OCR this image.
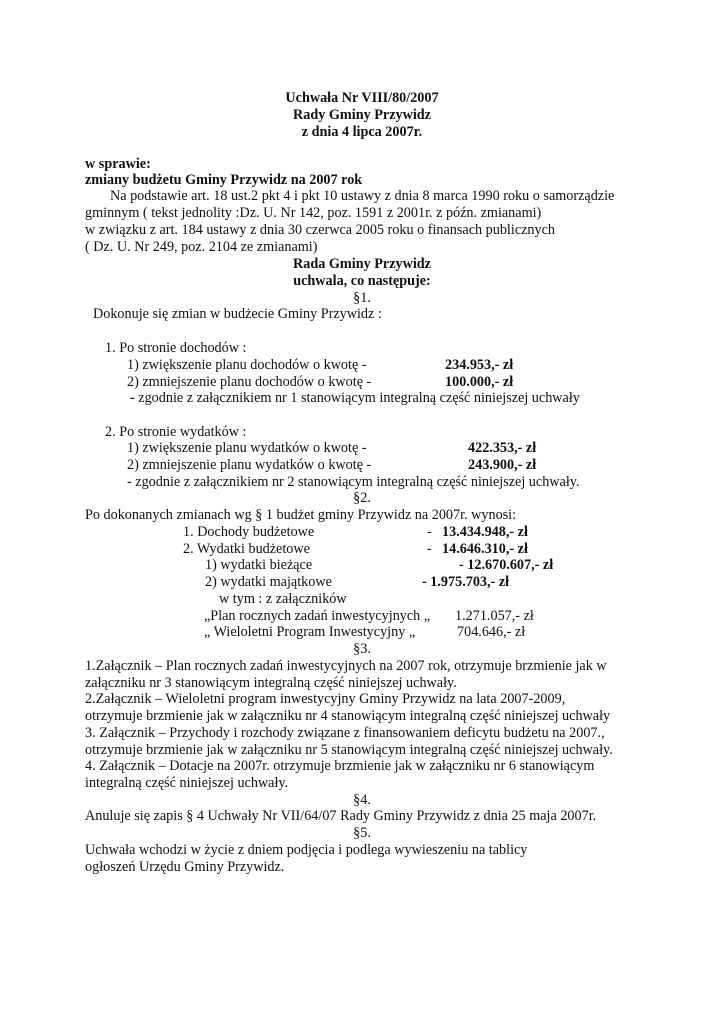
Uchwała Nr VIII/80/2007
Rady Gminy Przywidz
z dnia 4 lipca 2007r.
w sprawie:
zmiany budżetu Gminy Przywidz na 2007 rok
Na podstawie art. 18 ust.2 pkt 4 i pkt 10 ustawy z dnia 8 marca 1990 roku o samorządzie
gminnym ( tekst jednolity :Dz. U. Nr 142, poz. 1591 z 2001r. z późn. zmianami)
w związku z art. 184 ustawy z dnia 30 czerwca 2005 roku o finansach publicznych
( Dz. U. Nr 249, poz. 2104 ze zmianami)
Rada Gminy Przywidz
uchwala, co następuje:
§1.
Dokonuje się zmian w budżecie Gminy Przywidz :
1. Po stronie dochodów :
1) zwiększenie planu dochodów o kwotę -	234.953,- zł
2) zmniejszenie planu dochodów o kwotę -	100.000,- zł
- zgodnie z załącznikiem nr 1 stanowiącym integralną część niniejszej uchwały
2. Po stronie wydatków :
1) zwiększenie planu wydatków o kwotę -	422.353,- zł
2) zmniejszenie planu wydatków o kwotę -	243.900,- zł
- zgodnie z załącznikiem nr 2 stanowiącym integralną część niniejszej uchwały.
§2.
Po dokonanych zmianach wg § 1 budżet gminy Przywidz na 2007r. wynosi:
1. Dochody budżetowe	- 13.434.948,- zł
2. Wydatki budżetowe	- 14.646.310,- zł
1) wydatki bieżące	- 12.670.607,- zł
2) wydatki majątkowe	- 1.975.703,- zł
w tym : z załączników
„Plan rocznych zadań inwestycyjnych „ 1.271.057,- zł
„ Wieloletni Program Inwestycyjny „	704.646,- zł
§3.
1.Załącznik – Plan rocznych zadań inwestycyjnych na 2007 rok, otrzymuje brzmienie jak w
załączniku nr 3 stanowiącym integralną część niniejszej uchwały.
2.Załącznik – Wieloletni program inwestycyjny Gminy Przywidz na lata 2007-2009,
otrzymuje brzmienie jak w załączniku nr 4 stanowiącym integralną część niniejszej uchwały
3. Załącznik – Przychody i rozchody związane z finansowaniem deficytu budżetu na 2007.,
otrzymuje brzmienie jak w załączniku nr 5 stanowiącym integralną część niniejszej uchwały.
4. Załącznik – Dotacje na 2007r. otrzymuje brzmienie jak w załączniku nr 6 stanowiącym
integralną część niniejszej uchwały.
§4.
Anuluje się zapis § 4 Uchwały Nr VII/64/07 Rady Gminy Przywidz z dnia 25 maja 2007r.
§5.
Uchwała wchodzi w życie z dniem podjęcia i podlega wywieszeniu na tablicy
ogłoszeń Urzędu Gminy Przywidz.
